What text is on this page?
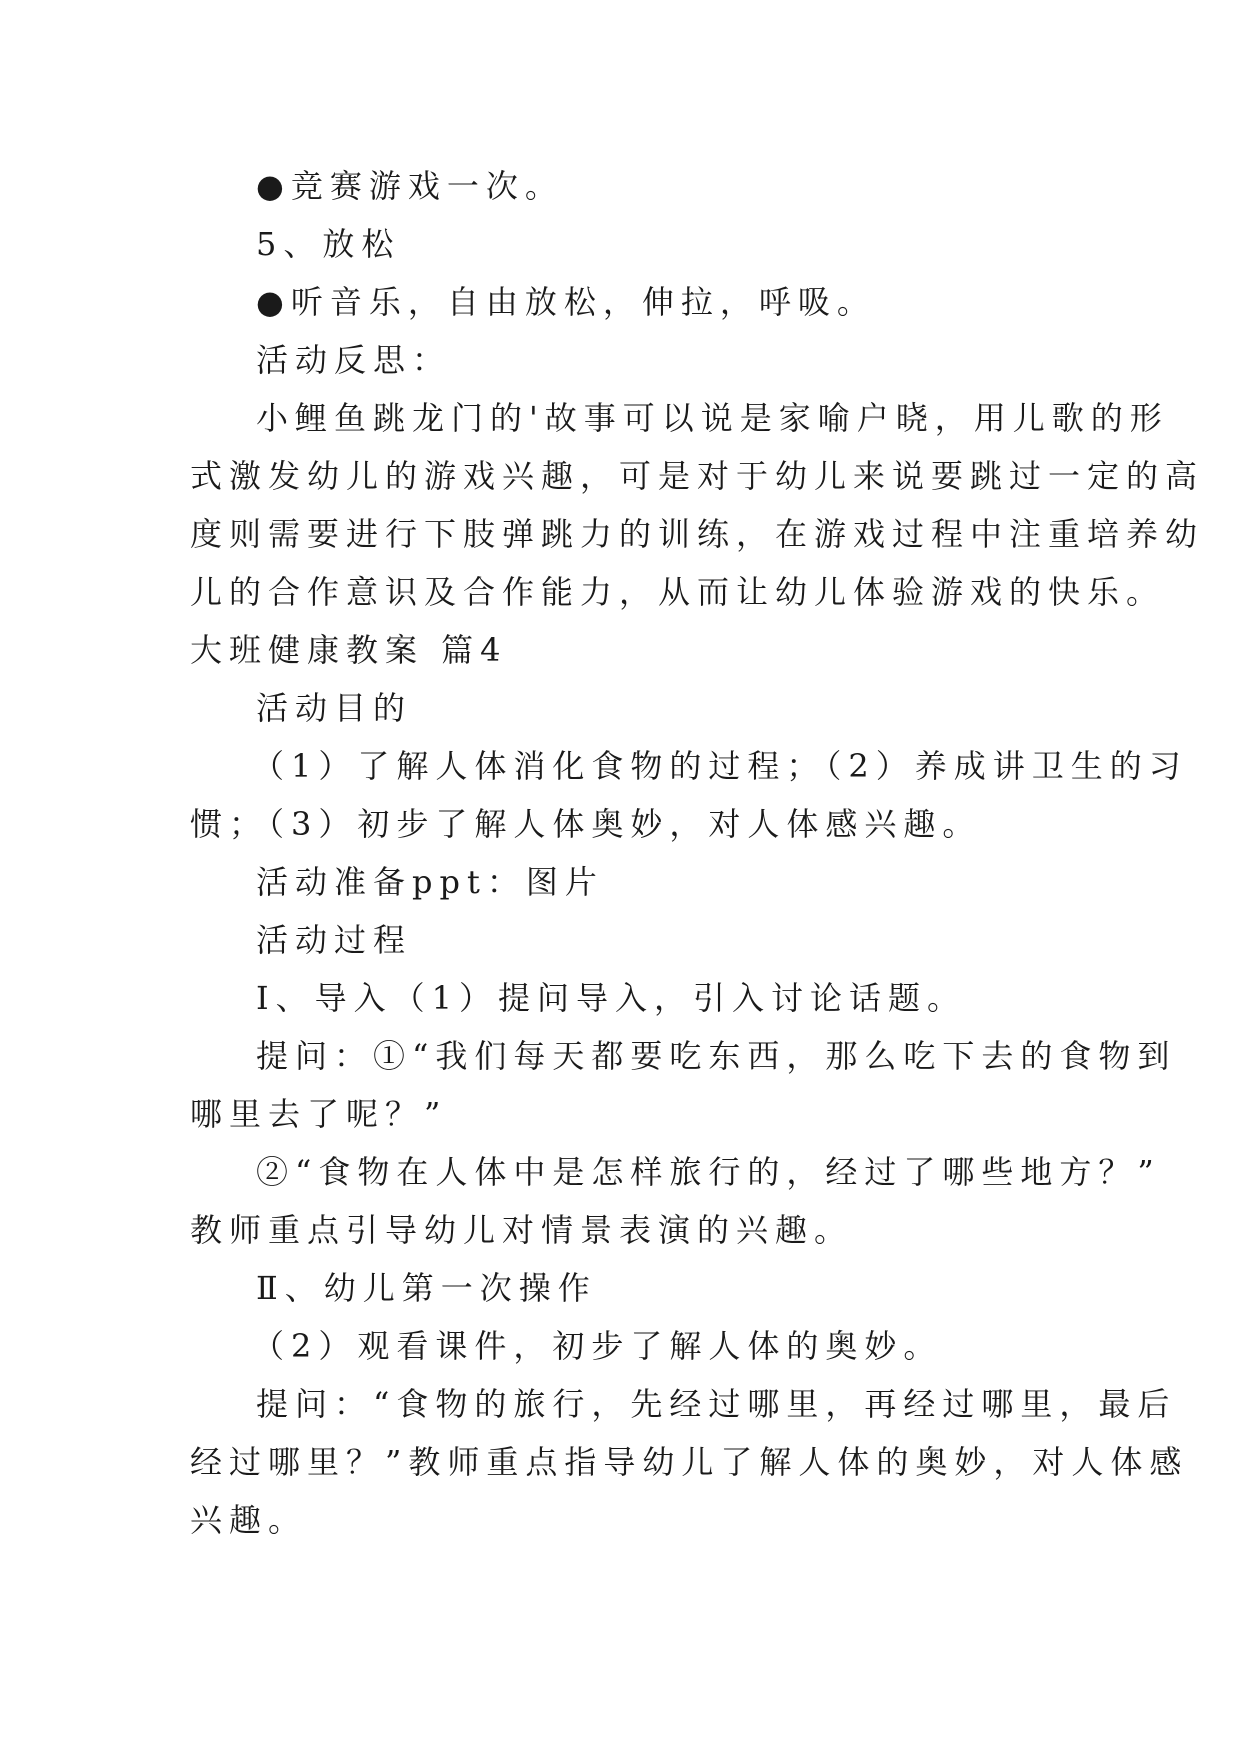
●竞赛游戏一次。
5、放松
●听音乐，自由放松，伸拉，呼吸。
活动反思：
小鲤鱼跳龙门的'故事可以说是家喻户晓，用儿歌的形
式激发幼儿的游戏兴趣，可是对于幼儿来说要跳过一定的高
度则需要进行下肢弹跳力的训练，在游戏过程中注重培养幼
儿的合作意识及合作能力，从而让幼儿体验游戏的快乐。
大班健康教案 篇4
活动目的
（1）了解人体消化食物的过程；（2）养成讲卫生的习
惯；（3）初步了解人体奥妙，对人体感兴趣。
活动准备ppt：图片
活动过程
Ⅰ、导入（1）提问导入，引入讨论话题。
提问：①“我们每天都要吃东西，那么吃下去的食物到
哪里去了呢？”
②“食物在人体中是怎样旅行的，经过了哪些地方？”
教师重点引导幼儿对情景表演的兴趣。
Ⅱ、幼儿第一次操作
（2）观看课件，初步了解人体的奥妙。
提问：“食物的旅行，先经过哪里，再经过哪里，最后
经过哪里？”教师重点指导幼儿了解人体的奥妙，对人体感
兴趣。
